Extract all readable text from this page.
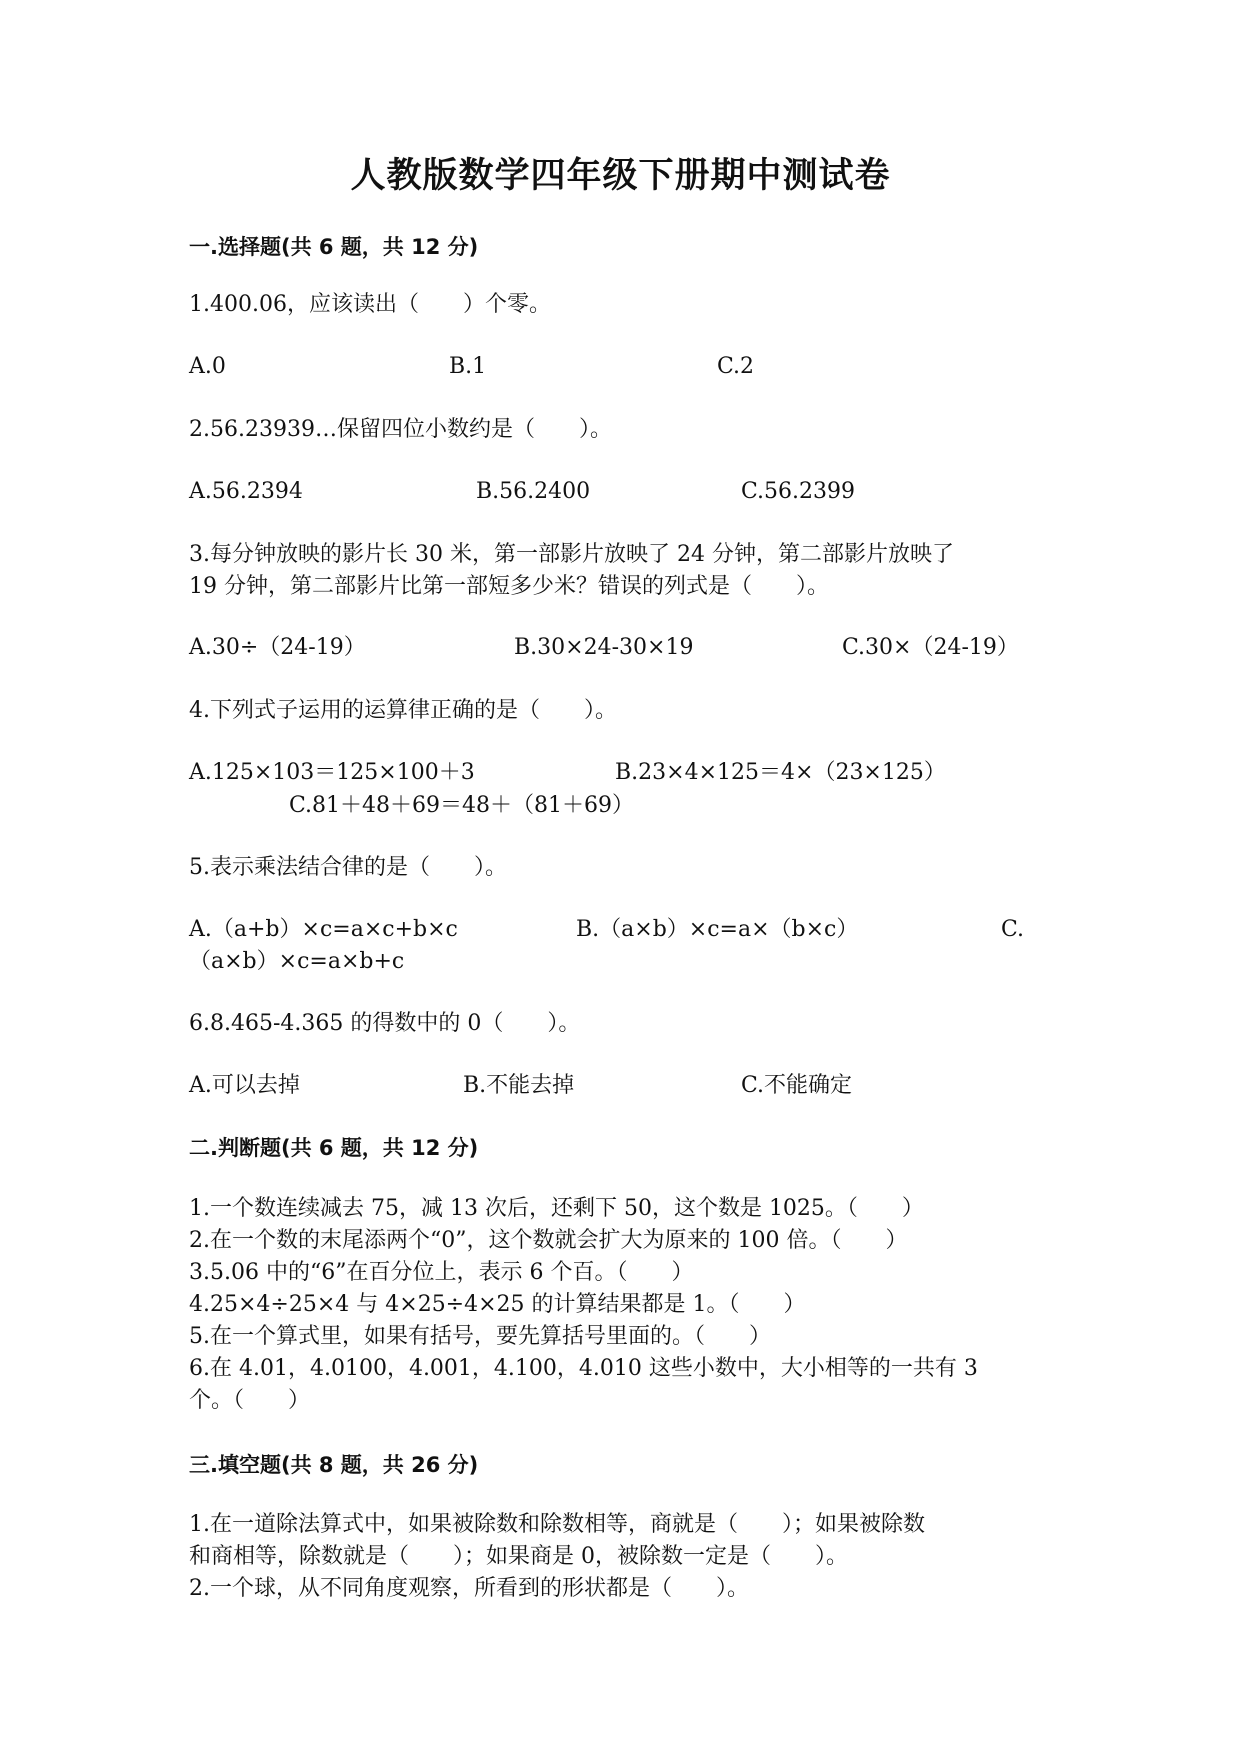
人教版数学四年级下册期中测试卷
一.选择题(共 6 题，共 12 分)
1.400.06，应该读出（　　）个零。
A.0	B.1	C.2
2.56.23939…保留四位小数约是（　　）。
A.56.2394	B.56.2400	C.56.2399
3.每分钟放映的影片长 30 米，第一部影片放映了 24 分钟，第二部影片放映了
19 分钟，第二部影片比第一部短多少米？错误的列式是（　　）。
A.30÷（24-19）	B.30×24-30×19	C.30×（24-19）
4.下列式子运用的运算律正确的是（　　）。
A.125×103＝125×100＋3	B.23×4×125＝4×（23×125）
C.81＋48＋69＝48＋（81＋69）
5.表示乘法结合律的是（　　）。
A.（a+b）×c=a×c+b×c	B.（a×b）×c=a×（b×c）	C.
（a×b）×c=a×b+c
6.8.465-4.365 的得数中的 0（　　）。
A.可以去掉	B.不能去掉	C.不能确定
二.判断题(共 6 题，共 12 分)
1.一个数连续减去 75，减 13 次后，还剩下 50，这个数是 1025。（　　）
2.在一个数的末尾添两个“0”，这个数就会扩大为原来的 100 倍。（　　）
3.5.06 中的“6”在百分位上，表示 6 个百。（　　）
4.25×4÷25×4 与 4×25÷4×25 的计算结果都是 1。（　　）
5.在一个算式里，如果有括号，要先算括号里面的。（　　）
6.在 4.01，4.0100，4.001，4.100，4.010 这些小数中，大小相等的一共有 3
个。（　　）
三.填空题(共 8 题，共 26 分)
1.在一道除法算式中，如果被除数和除数相等，商就是（　　）；如果被除数
和商相等，除数就是（　　）；如果商是 0，被除数一定是（　　）。
2.一个球，从不同角度观察，所看到的形状都是（　　）。
